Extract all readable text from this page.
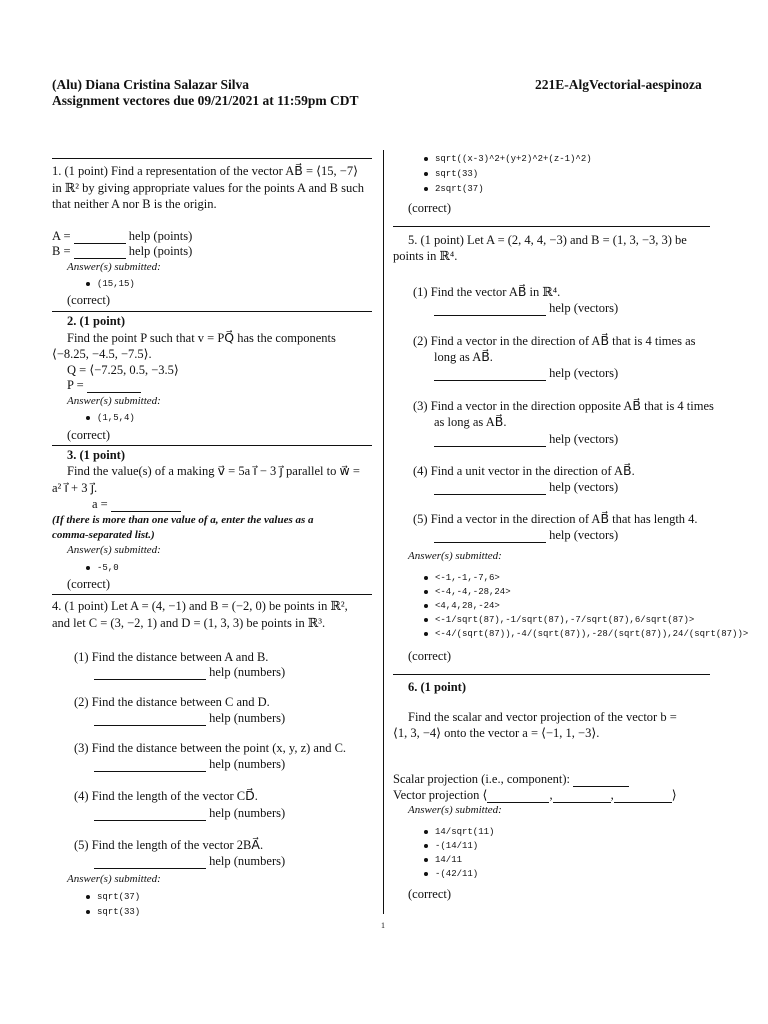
(Alu) Diana Cristina Salazar Silva
Assignment vectores due 09/21/2021 at 11:59pm CDT
221E-AlgVectorial-aespinoza
1. (1 point) Find a representation of the vector AB⃗ = ⟨15, −7⟩
in ℝ² by giving appropriate values for the points A and B such
that neither A nor B is the origin.
A =	help (points)
B =	help (points)
Answer(s) submitted:
(15,15)
(correct)
2. (1 point)
Find the point P such that v = PQ⃗ has the components
⟨−8.25, −4.5, −7.5⟩.
Q = ⟨−7.25, 0.5, −3.5⟩
P =
Answer(s) submitted:
(1,5,4)
(correct)
3. (1 point)
Find the value(s) of a making v⃗ = 5a i⃗ − 3 j⃗ parallel to w⃗ =
a² i⃗ + 3 j⃗.
a =
(If there is more than one value of a, enter the values as a
comma-separated list.)
Answer(s) submitted:
-5,0
(correct)
4. (1 point) Let A = (4, −1) and B = (−2, 0) be points in ℝ²,
and let C = (3, −2, 1) and D = (1, 3, 3) be points in ℝ³.
(1) Find the distance between A and B.
help (numbers)
(2) Find the distance between C and D.
help (numbers)
(3) Find the distance between the point (x, y, z) and C.
help (numbers)
(4) Find the length of the vector CD⃗.
help (numbers)
(5) Find the length of the vector 2BA⃗.
help (numbers)
Answer(s) submitted:
sqrt(37)
sqrt(33)
sqrt((x-3)^2+(y+2)^2+(z-1)^2)
sqrt(33)
2sqrt(37)
(correct)
5. (1 point) Let A = (2, 4, 4, −3) and B = (1, 3, −3, 3) be
points in ℝ⁴.
(1) Find the vector AB⃗ in ℝ⁴.
help (vectors)
(2) Find a vector in the direction of AB⃗ that is 4 times as
long as AB⃗.
help (vectors)
(3) Find a vector in the direction opposite AB⃗ that is 4 times
as long as AB⃗.
help (vectors)
(4) Find a unit vector in the direction of AB⃗.
help (vectors)
(5) Find a vector in the direction of AB⃗ that has length 4.
help (vectors)
Answer(s) submitted:
<-1,-1,-7,6>
<-4,-4,-28,24>
<4,4,28,-24>
<-1/sqrt(87),-1/sqrt(87),-7/sqrt(87),6/sqrt(87)>
<-4/(sqrt(87)),-4/(sqrt(87)),-28/(sqrt(87)),24/(sqrt(87))>
(correct)
6. (1 point)
Find the scalar and vector projection of the vector b =
⟨1, 3, −4⟩ onto the vector a = ⟨−1, 1, −3⟩.
Scalar projection (i.e., component):
Vector projection ⟨	,	,	⟩
Answer(s) submitted:
14/sqrt(11)
-(14/11)
14/11
-(42/11)
(correct)
1
